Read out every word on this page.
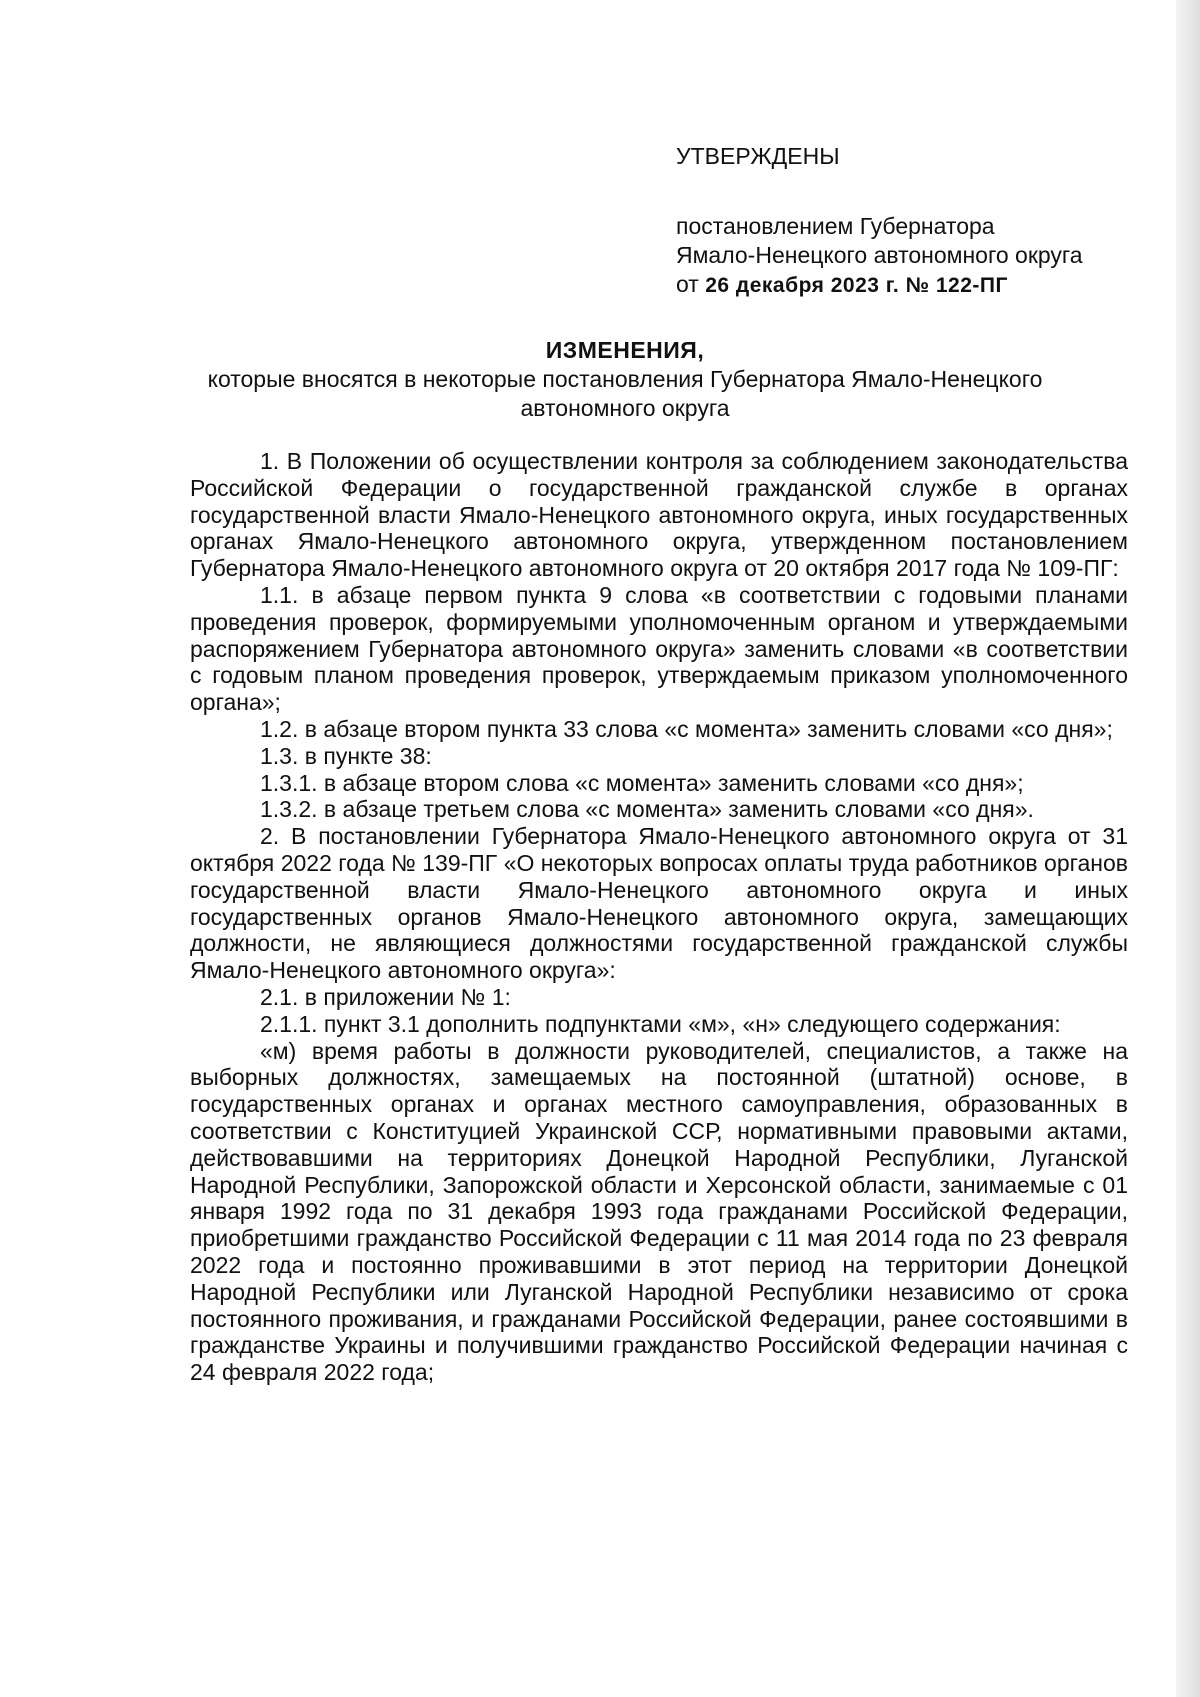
УТВЕРЖДЕНЫ
постановлением Губернатора
Ямало-Ненецкого автономного округа
от 26 декабря 2023 г. № 122-ПГ
ИЗМЕНЕНИЯ,
которые вносятся в некоторые постановления Губернатора Ямало-Ненецкого автономного округа

1. В Положении об осуществлении контроля за соблюдением законодательства Российской Федерации о государственной гражданской службе в органах государственной власти Ямало-Ненецкого автономного округа, иных государственных органах Ямало-Ненецкого автономного округа, утвержденном постановлением Губернатора Ямало-Ненецкого автономного округа от 20 октября 2017 года № 109-ПГ:

1.1. в абзаце первом пункта 9 слова «в соответствии с годовыми планами проведения проверок, формируемыми уполномоченным органом и утверждаемыми распоряжением Губернатора автономного округа» заменить словами «в соответствии с годовым планом проведения проверок, утверждаемым приказом уполномоченного органа»;

1.2. в абзаце втором пункта 33 слова «с момента» заменить словами «со дня»;

1.3. в пункте 38:

1.3.1. в абзаце втором слова «с момента» заменить словами «со дня»;

1.3.2. в абзаце третьем слова «с момента» заменить словами «со дня».

2. В постановлении Губернатора Ямало-Ненецкого автономного округа от 31 октября 2022 года № 139-ПГ «О некоторых вопросах оплаты труда работников органов государственной власти Ямало-Ненецкого автономного округа и иных государственных органов Ямало-Ненецкого автономного округа, замещающих должности, не являющиеся должностями государственной гражданской службы Ямало-Ненецкого автономного округа»:

2.1. в приложении № 1:

2.1.1. пункт 3.1 дополнить подпунктами «м», «н» следующего содержания:

«м) время работы в должности руководителей, специалистов, а также на выборных должностях, замещаемых на постоянной (штатной) основе, в государственных органах и органах местного самоуправления, образованных в соответствии с Конституцией Украинской ССР, нормативными правовыми актами, действовавшими на территориях Донецкой Народной Республики, Луганской Народной Республики, Запорожской области и Херсонской области, занимаемые с 01 января 1992 года по 31 декабря 1993 года гражданами Российской Федерации, приобретшими гражданство Российской Федерации с 11 мая 2014 года по 23 февраля 2022 года и постоянно проживавшими в этот период на территории Донецкой Народной Республики или Луганской Народной Республики независимо от срока постоянного проживания, и гражданами Российской Федерации, ранее состоявшими в гражданстве Украины и получившими гражданство Российской Федерации начиная с 24 февраля 2022 года;
